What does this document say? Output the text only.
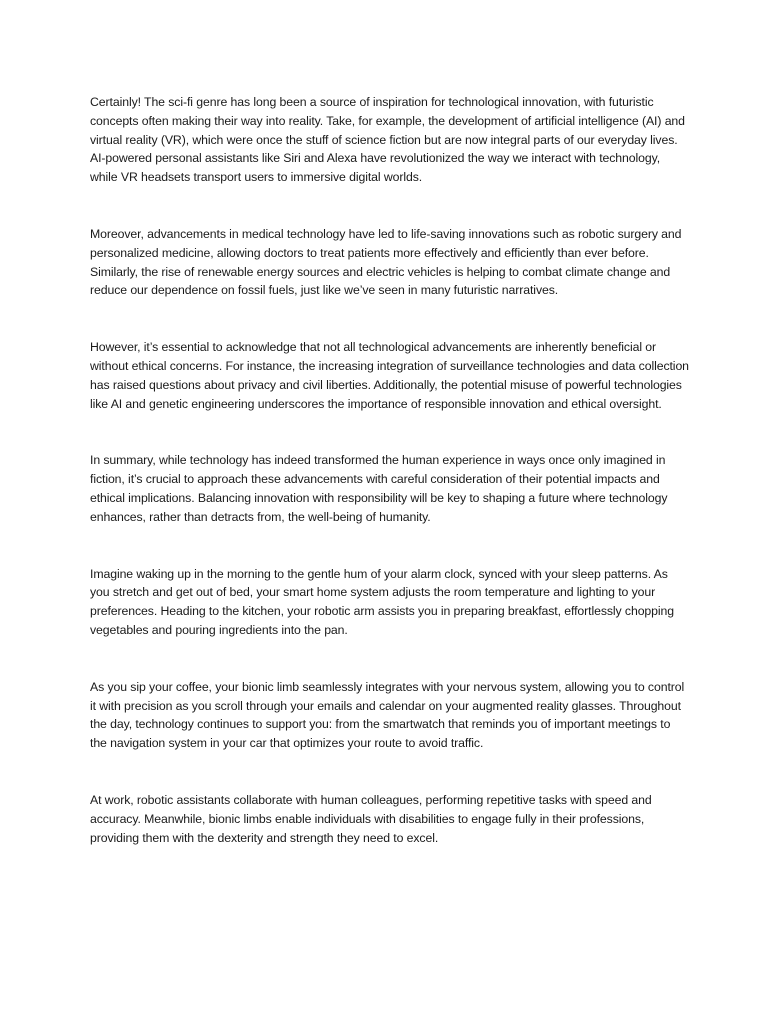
Certainly! The sci-fi genre has long been a source of inspiration for technological innovation, with futuristic concepts often making their way into reality. Take, for example, the development of artificial intelligence (AI) and virtual reality (VR), which were once the stuff of science fiction but are now integral parts of our everyday lives. AI-powered personal assistants like Siri and Alexa have revolutionized the way we interact with technology, while VR headsets transport users to immersive digital worlds.

Moreover, advancements in medical technology have led to life-saving innovations such as robotic surgery and personalized medicine, allowing doctors to treat patients more effectively and efficiently than ever before. Similarly, the rise of renewable energy sources and electric vehicles is helping to combat climate change and reduce our dependence on fossil fuels, just like we’ve seen in many futuristic narratives.

However, it’s essential to acknowledge that not all technological advancements are inherently beneficial or without ethical concerns. For instance, the increasing integration of surveillance technologies and data collection has raised questions about privacy and civil liberties. Additionally, the potential misuse of powerful technologies like AI and genetic engineering underscores the importance of responsible innovation and ethical oversight.

In summary, while technology has indeed transformed the human experience in ways once only imagined in fiction, it’s crucial to approach these advancements with careful consideration of their potential impacts and ethical implications. Balancing innovation with responsibility will be key to shaping a future where technology enhances, rather than detracts from, the well-being of humanity.

Imagine waking up in the morning to the gentle hum of your alarm clock, synced with your sleep patterns. As you stretch and get out of bed, your smart home system adjusts the room temperature and lighting to your preferences. Heading to the kitchen, your robotic arm assists you in preparing breakfast, effortlessly chopping vegetables and pouring ingredients into the pan.

As you sip your coffee, your bionic limb seamlessly integrates with your nervous system, allowing you to control it with precision as you scroll through your emails and calendar on your augmented reality glasses. Throughout the day, technology continues to support you: from the smartwatch that reminds you of important meetings to the navigation system in your car that optimizes your route to avoid traffic.

At work, robotic assistants collaborate with human colleagues, performing repetitive tasks with speed and accuracy. Meanwhile, bionic limbs enable individuals with disabilities to engage fully in their professions, providing them with the dexterity and strength they need to excel.
